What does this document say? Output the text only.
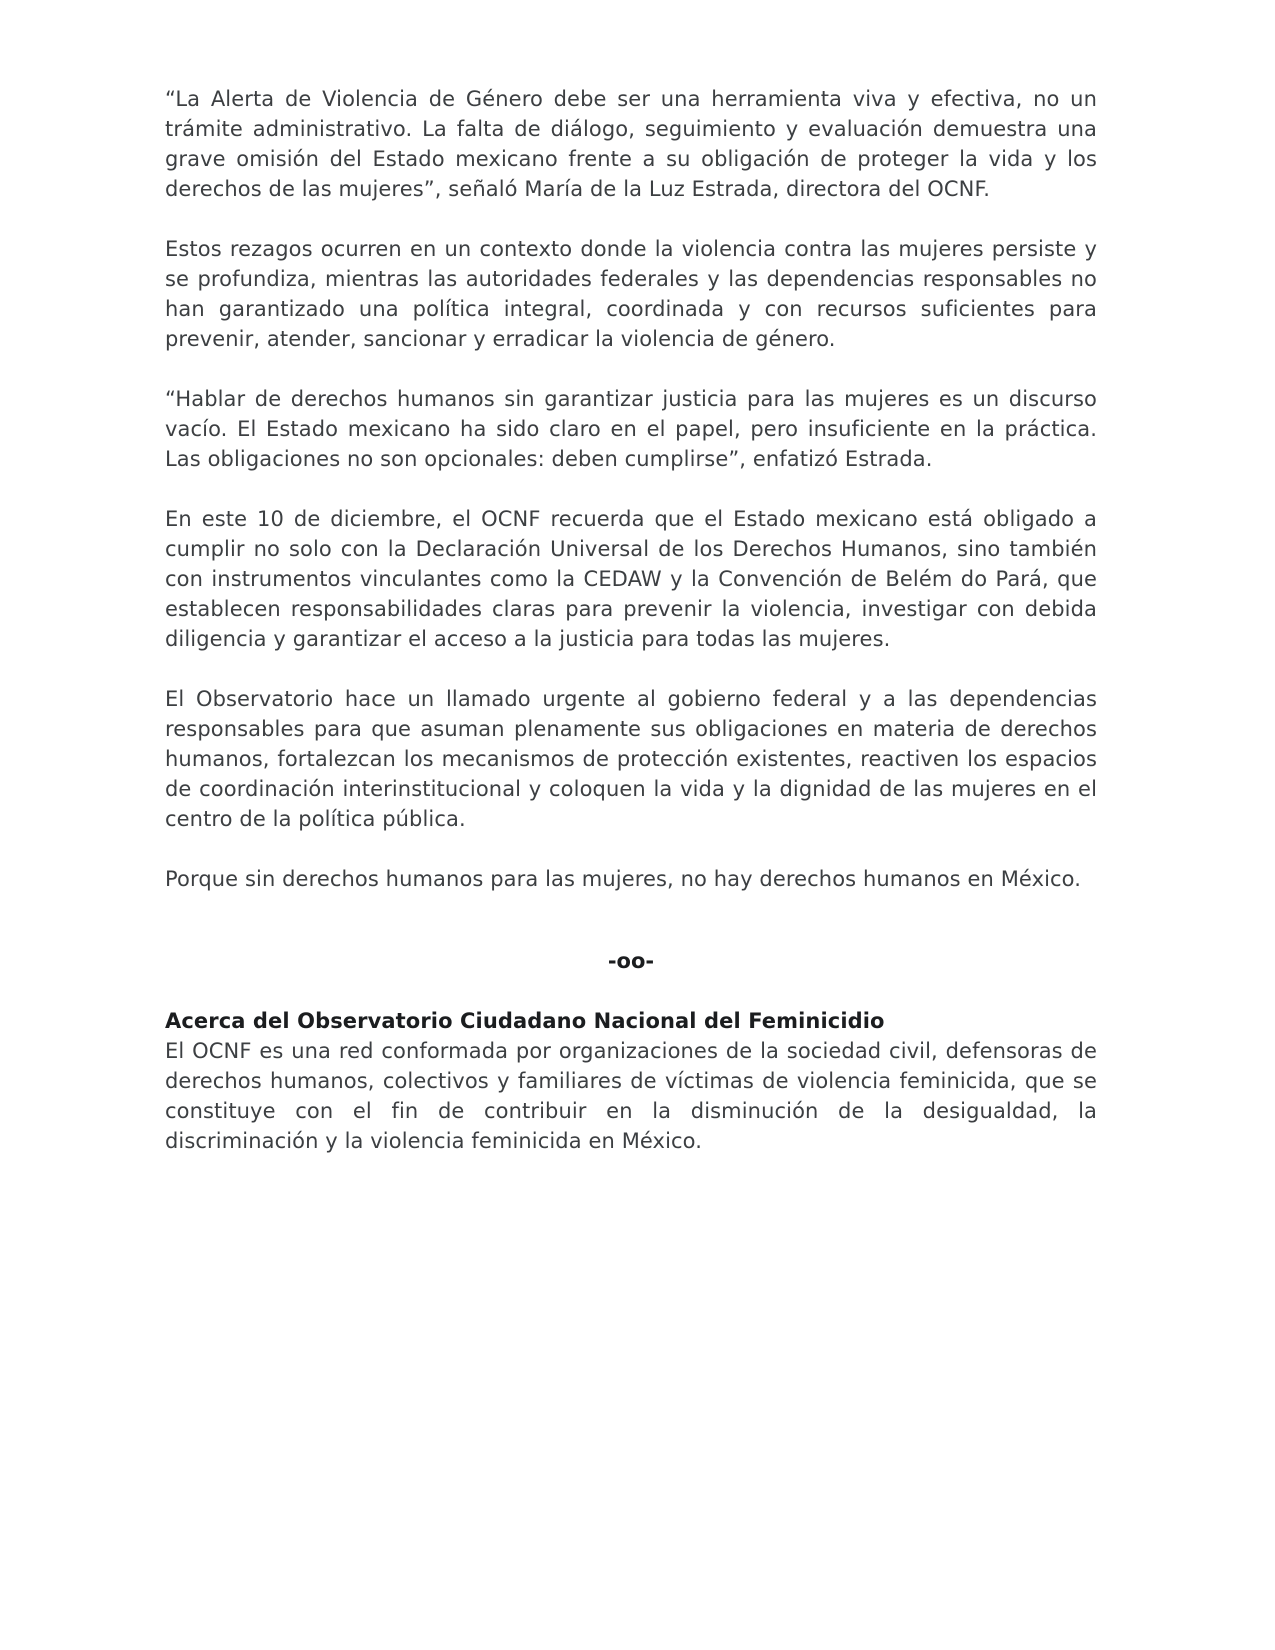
“La Alerta de Violencia de Género debe ser una herramienta viva y efectiva, no un trámite administrativo. La falta de diálogo, seguimiento y evaluación demuestra una grave omisión del Estado mexicano frente a su obligación de proteger la vida y los derechos de las mujeres”, señaló María de la Luz Estrada, directora del OCNF.

Estos rezagos ocurren en un contexto donde la violencia contra las mujeres persiste y se profundiza, mientras las autoridades federales y las dependencias responsables no han garantizado una política integral, coordinada y con recursos suficientes para prevenir, atender, sancionar y erradicar la violencia de género.

“Hablar de derechos humanos sin garantizar justicia para las mujeres es un discurso vacío. El Estado mexicano ha sido claro en el papel, pero insuficiente en la práctica. Las obligaciones no son opcionales: deben cumplirse”, enfatizó Estrada.

En este 10 de diciembre, el OCNF recuerda que el Estado mexicano está obligado a cumplir no solo con la Declaración Universal de los Derechos Humanos, sino también con instrumentos vinculantes como la CEDAW y la Convención de Belém do Pará, que establecen responsabilidades claras para prevenir la violencia, investigar con debida diligencia y garantizar el acceso a la justicia para todas las mujeres.

El Observatorio hace un llamado urgente al gobierno federal y a las dependencias responsables para que asuman plenamente sus obligaciones en materia de derechos humanos, fortalezcan los mecanismos de protección existentes, reactiven los espacios de coordinación interinstitucional y coloquen la vida y la dignidad de las mujeres en el centro de la política pública.

Porque sin derechos humanos para las mujeres, no hay derechos humanos en México.

-oo-
Acerca del Observatorio Ciudadano Nacional del Feminicidio

El OCNF es una red conformada por organizaciones de la sociedad civil, defensoras de derechos humanos, colectivos y familiares de víctimas de violencia feminicida, que se constituye con el fin de contribuir en la disminución de la desigualdad, la discriminación y la violencia feminicida en México.
